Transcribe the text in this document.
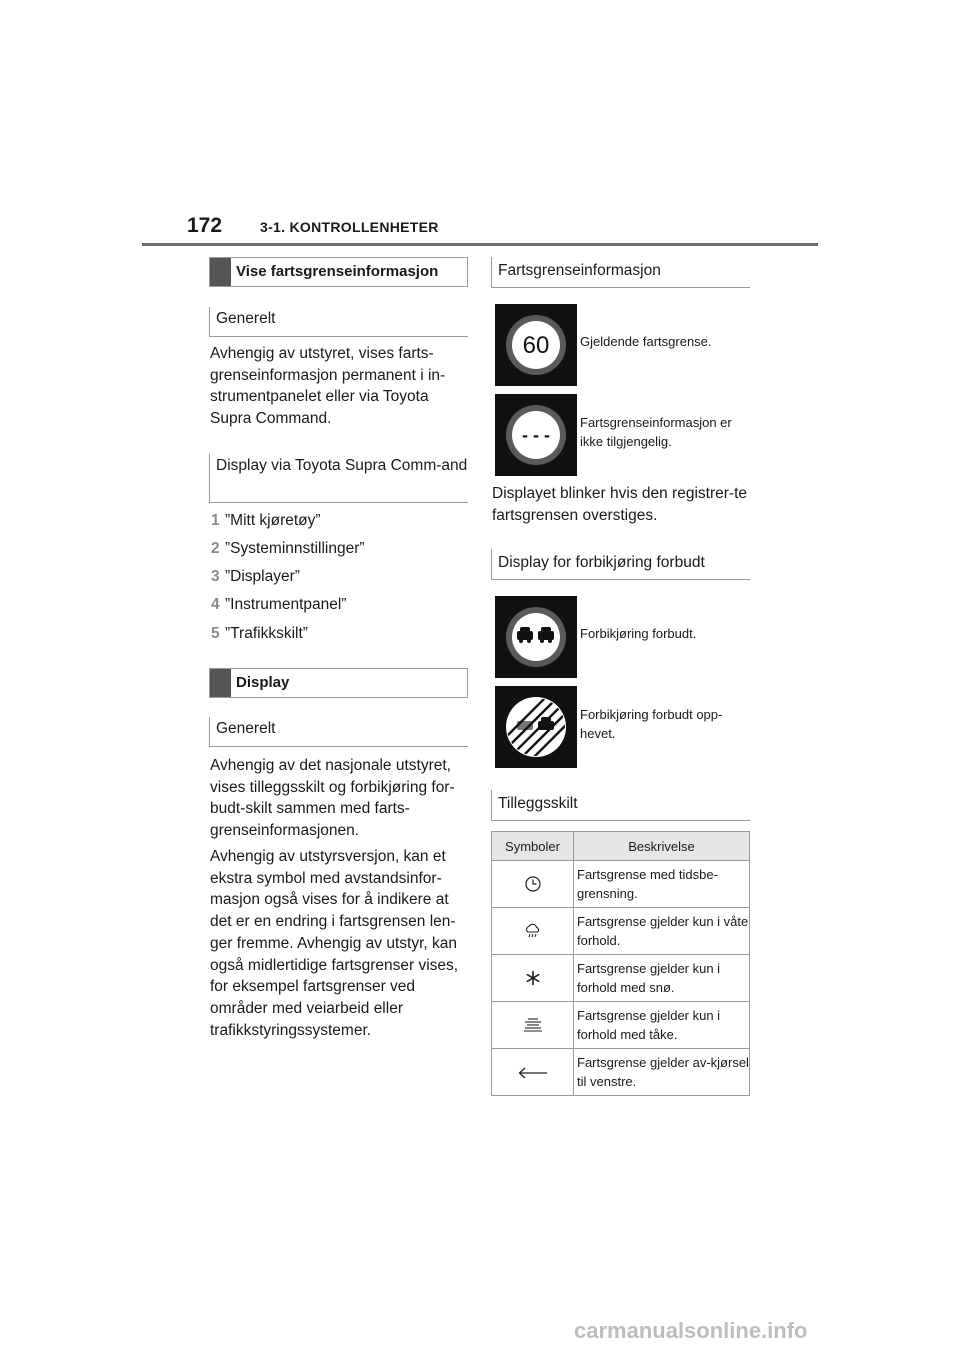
172	3-1. KONTROLLENHETER
Vise fartsgrenseinformasjon
Generelt
Avhengig av utstyret, vises farts-grenseinformasjon permanent i in-strumentpanelet eller via Toyota Supra Command.
Display via Toyota Supra Comm-and
1 ”Mitt kjøretøy”
2 ”Systeminnstillinger”
3 ”Displayer”
4 ”Instrumentpanel”
5 ”Trafikkskilt”
Display
Generelt
Avhengig av det nasjonale utstyret, vises tilleggsskilt og forbikjøring for-budt-skilt sammen med farts-grenseinformasjonen.
Avhengig av utstyrsversjon, kan et ekstra symbol med avstandsinfor-masjon også vises for å indikere at det er en endring i fartsgrensen len-ger fremme. Avhengig av utstyr, kan også midlertidige fartsgrenser vises, for eksempel fartsgrenser ved områder med veiarbeid eller trafikkstyringssystemer.
Fartsgrenseinformasjon
60 Gjeldende fartsgrense.
- - -
Fartsgrenseinformasjon er ikke tilgjengelig.
Displayet blinker hvis den registrer-te fartsgrensen overstiges.
Display for forbikjøring forbudt
Forbikjøring forbudt.
Forbikjøring forbudt opp-hevet.
Tilleggsskilt
Symboler	Beskrivelse
	Fartsgrense med tidsbe-grensning.
	Fartsgrense gjelder kun i våte forhold.
	Fartsgrense gjelder kun i forhold med snø.
	Fartsgrense gjelder kun i forhold med tåke.
	Fartsgrense gjelder av-kjørsel til venstre.
carmanualsonline.info
